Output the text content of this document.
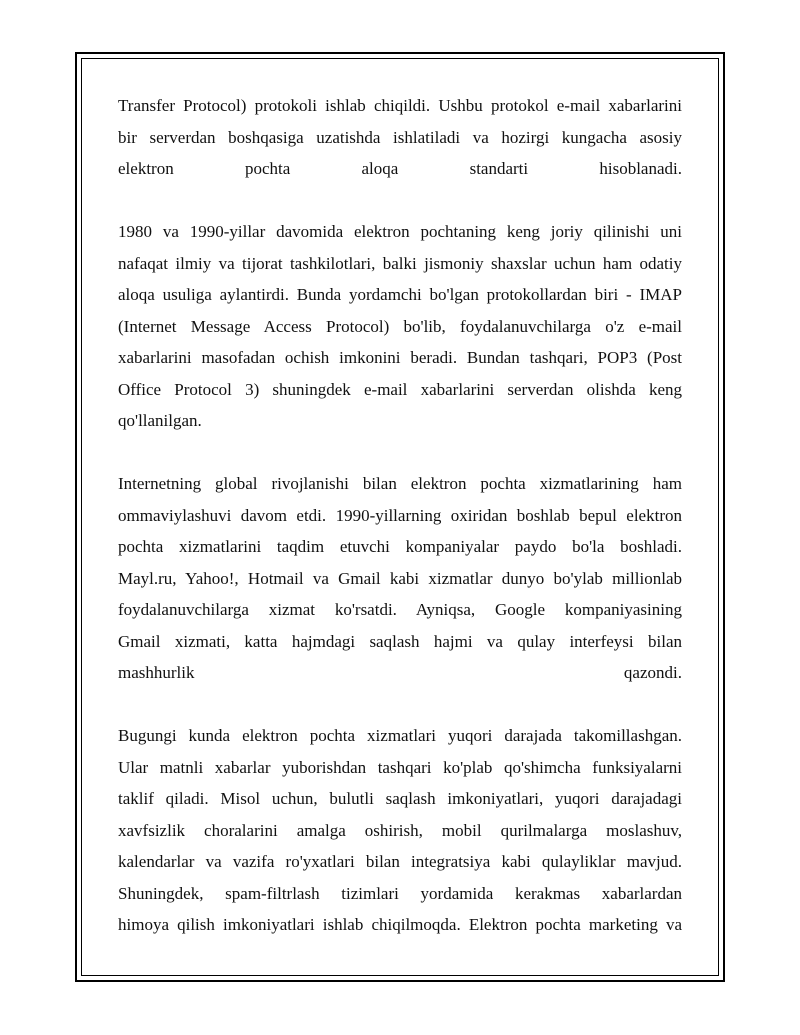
Transfer Protocol) protokoli ishlab chiqildi. Ushbu protokol e-mail xabarlarini
bir serverdan boshqasiga uzatishda ishlatiladi va hozirgi kungacha asosiy
elektron pochta aloqa standarti hisoblanadi.

1980 va 1990-yillar davomida elektron pochtaning keng joriy qilinishi uni
nafaqat ilmiy va tijorat tashkilotlari, balki jismoniy shaxslar uchun ham odatiy
aloqa usuliga aylantirdi. Bunda yordamchi bo'lgan protokollardan biri - IMAP
(Internet Message Access Protocol) bo'lib, foydalanuvchilarga o'z e-mail
xabarlarini masofadan ochish imkonini beradi. Bundan tashqari, POP3 (Post
Office Protocol 3) shuningdek e-mail xabarlarini serverdan olishda keng
qo'llanilgan.

Internetning global rivojlanishi bilan elektron pochta xizmatlarining ham
ommaviylashuvi davom etdi. 1990-yillarning oxiridan boshlab bepul elektron
pochta xizmatlarini taqdim etuvchi kompaniyalar paydo bo'la boshladi.
Mayl.ru, Yahoo!, Hotmail va Gmail kabi xizmatlar dunyo bo'ylab millionlab
foydalanuvchilarga xizmat ko'rsatdi. Ayniqsa, Google kompaniyasining
Gmail xizmati, katta hajmdagi saqlash hajmi va qulay interfeysi bilan
mashhurlik qazondi.

Bugungi kunda elektron pochta xizmatlari yuqori darajada takomillashgan.
Ular matnli xabarlar yuborishdan tashqari ko'plab qo'shimcha funksiyalarni
taklif qiladi. Misol uchun, bulutli saqlash imkoniyatlari, yuqori darajadagi
xavfsizlik choralarini amalga oshirish, mobil qurilmalarga moslashuv,
kalendarlar va vazifa ro'yxatlari bilan integratsiya kabi qulayliklar mavjud.
Shuningdek, spam-filtrlash tizimlari yordamida kerakmas xabarlardan
himoya qilish imkoniyatlari ishlab chiqilmoqda. Elektron pochta marketing va
